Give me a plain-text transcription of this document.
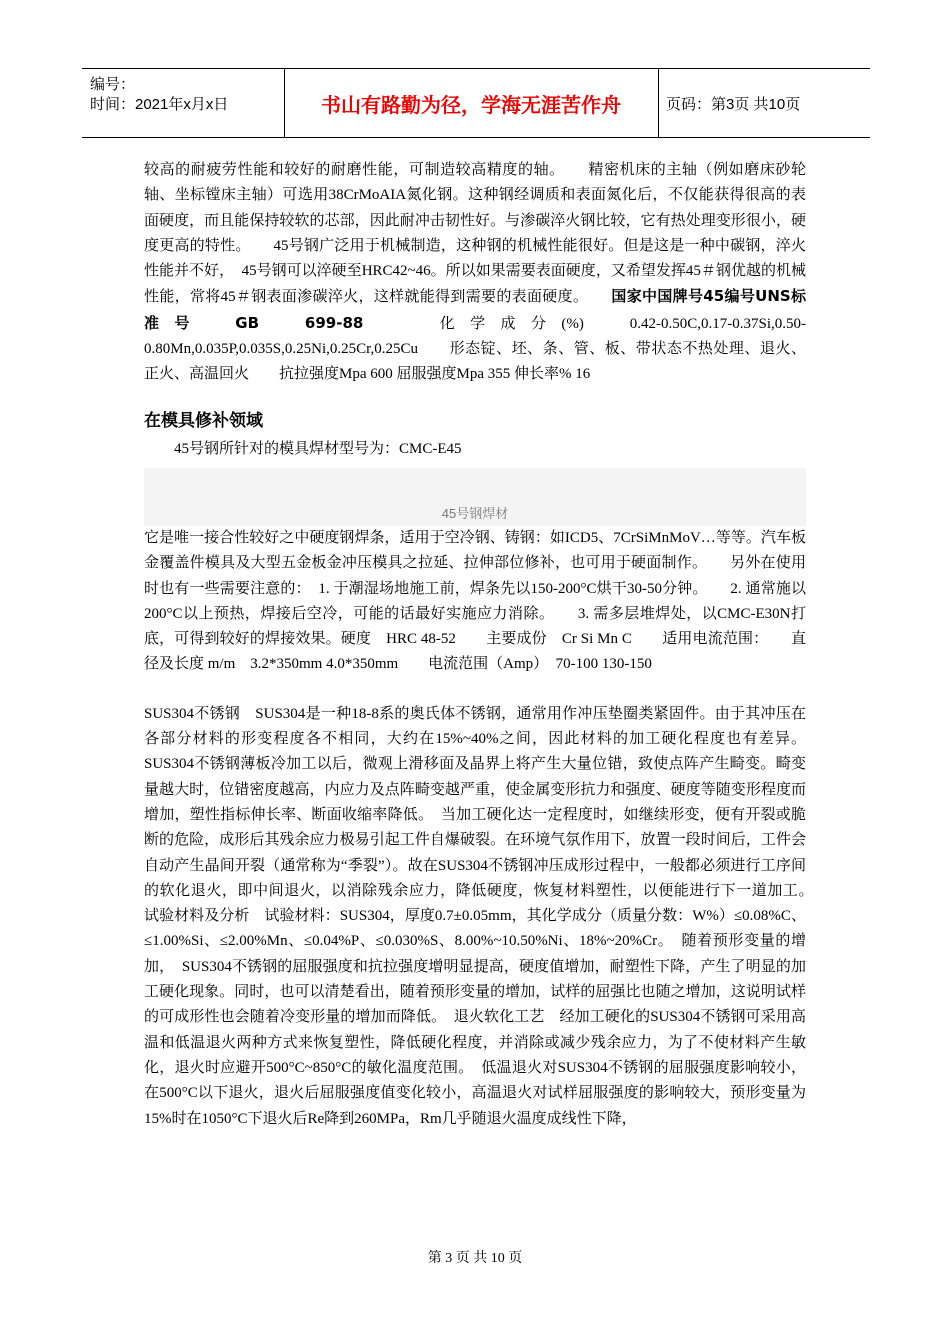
编号：
时间：2021年x月x日	书山有路勤为径，学海无涯苦作舟	页码：第3页 共10页

较高的耐疲劳性能和较好的耐磨性能，可制造较高精度的轴。　　精密机床的主轴（例如磨床砂轮轴、坐标镗床主轴）可选用38CrMoAIA氮化钢。这种钢经调质和表面氮化后，不仅能获得很高的表面硬度，而且能保持较软的芯部，因此耐冲击韧性好。与渗碳淬火钢比较，它有热处理变形很小，硬度更高的特性。　　45号钢广泛用于机械制造，这种钢的机械性能很好。但是这是一种中碳钢，淬火性能并不好，　45号钢可以淬硬至HRC42~46。所以如果需要表面硬度，又希望发挥45＃钢优越的机械性能，常将45＃钢表面渗碳淬火，这样就能得到需要的表面硬度。　　国家中国牌号45编号UNS标准号　GB　699-88　　化学成分(%)　0.42-0.50C,0.17-0.37Si,0.50-0.80Mn,0.035P,0.035S,0.25Ni,0.25Cr,0.25Cu　　形态锭、坯、条、管、板、带状态不热处理、退火、正火、高温回火　　抗拉强度Mpa 600 屈服强度Mpa 355 伸长率% 16

在模具修补领域

45号钢所针对的模具焊材型号为：CMC-E45

45号钢焊材

它是唯一接合性较好之中硬度钢焊条，适用于空冷钢、铸钢：如ICD5、7CrSiMnMoV…等等。汽车板金覆盖件模具及大型五金板金冲压模具之拉延、拉伸部位修补，也可用于硬面制作。　　另外在使用时也有一些需要注意的：　1. 于潮湿场地施工前，焊条先以150-200°C烘干30-50分钟。　　2. 通常施以200°C以上预热，焊接后空冷，可能的话最好实施应力消除。　　3. 需多层堆焊处，以CMC-E30N打底，可得到较好的焊接效果。硬度　HRC 48-52　　主要成份　Cr Si Mn C　　适用电流范围：　　直径及长度 m/m　3.2*350mm 4.0*350mm　　电流范围（Amp）　70-100 130-150

SUS304不锈钢　SUS304是一种18-8系的奥氏体不锈钢，通常用作冲压垫圈类紧固件。由于其冲压在各部分材料的形变程度各不相同，大约在15%~40%之间，因此材料的加工硬化程度也有差异。SUS304不锈钢薄板冷加工以后，微观上滑移面及晶界上将产生大量位错，致使点阵产生畸变。畸变量越大时，位错密度越高，内应力及点阵畸变越严重，使金属变形抗力和强度、硬度等随变形程度而增加，塑性指标伸长率、断面收缩率降低。　当加工硬化达一定程度时，如继续形变，便有开裂或脆断的危险，成形后其残余应力极易引起工件自爆破裂。在环境气氛作用下，放置一段时间后，工件会自动产生晶间开裂（通常称为“季裂”）。故在SUS304不锈钢冲压成形过程中，一般都必须进行工序间的软化退火，即中间退火，以消除残余应力，降低硬度，恢复材料塑性，以便能进行下一道加工。　试验材料及分析　试验材料：SUS304，厚度0.7±0.05mm，其化学成分（质量分数：W%）≤0.08%C、≤1.00%Si、≤2.00%Mn、≤0.04%P、≤0.030%S、8.00%~10.50%Ni、18%~20%Cr。　随着预形变量的增加，　SUS304不锈钢的屈服强度和抗拉强度增明显提高，硬度值增加，耐塑性下降，产生了明显的加工硬化现象。同时，也可以清楚看出，随着预形变量的增加，试样的屈强比也随之增加，这说明试样的可成形性也会随着冷变形量的增加而降低。　退火软化工艺　经加工硬化的SUS304不锈钢可采用高温和低温退火两种方式来恢复塑性，降低硬化程度，并消除或减少残余应力，为了不使材料产生敏化，退火时应避开500°C~850°C的敏化温度范围。　低温退火对SUS304不锈钢的屈服强度影响较小，在500°C以下退火，退火后屈服强度值变化较小，高温退火对试样屈服强度的影响较大，预形变量为15%时在1050°C下退火后Re降到260MPa，Rm几乎随退火温度成线性下降，

第 3 页 共 10 页
